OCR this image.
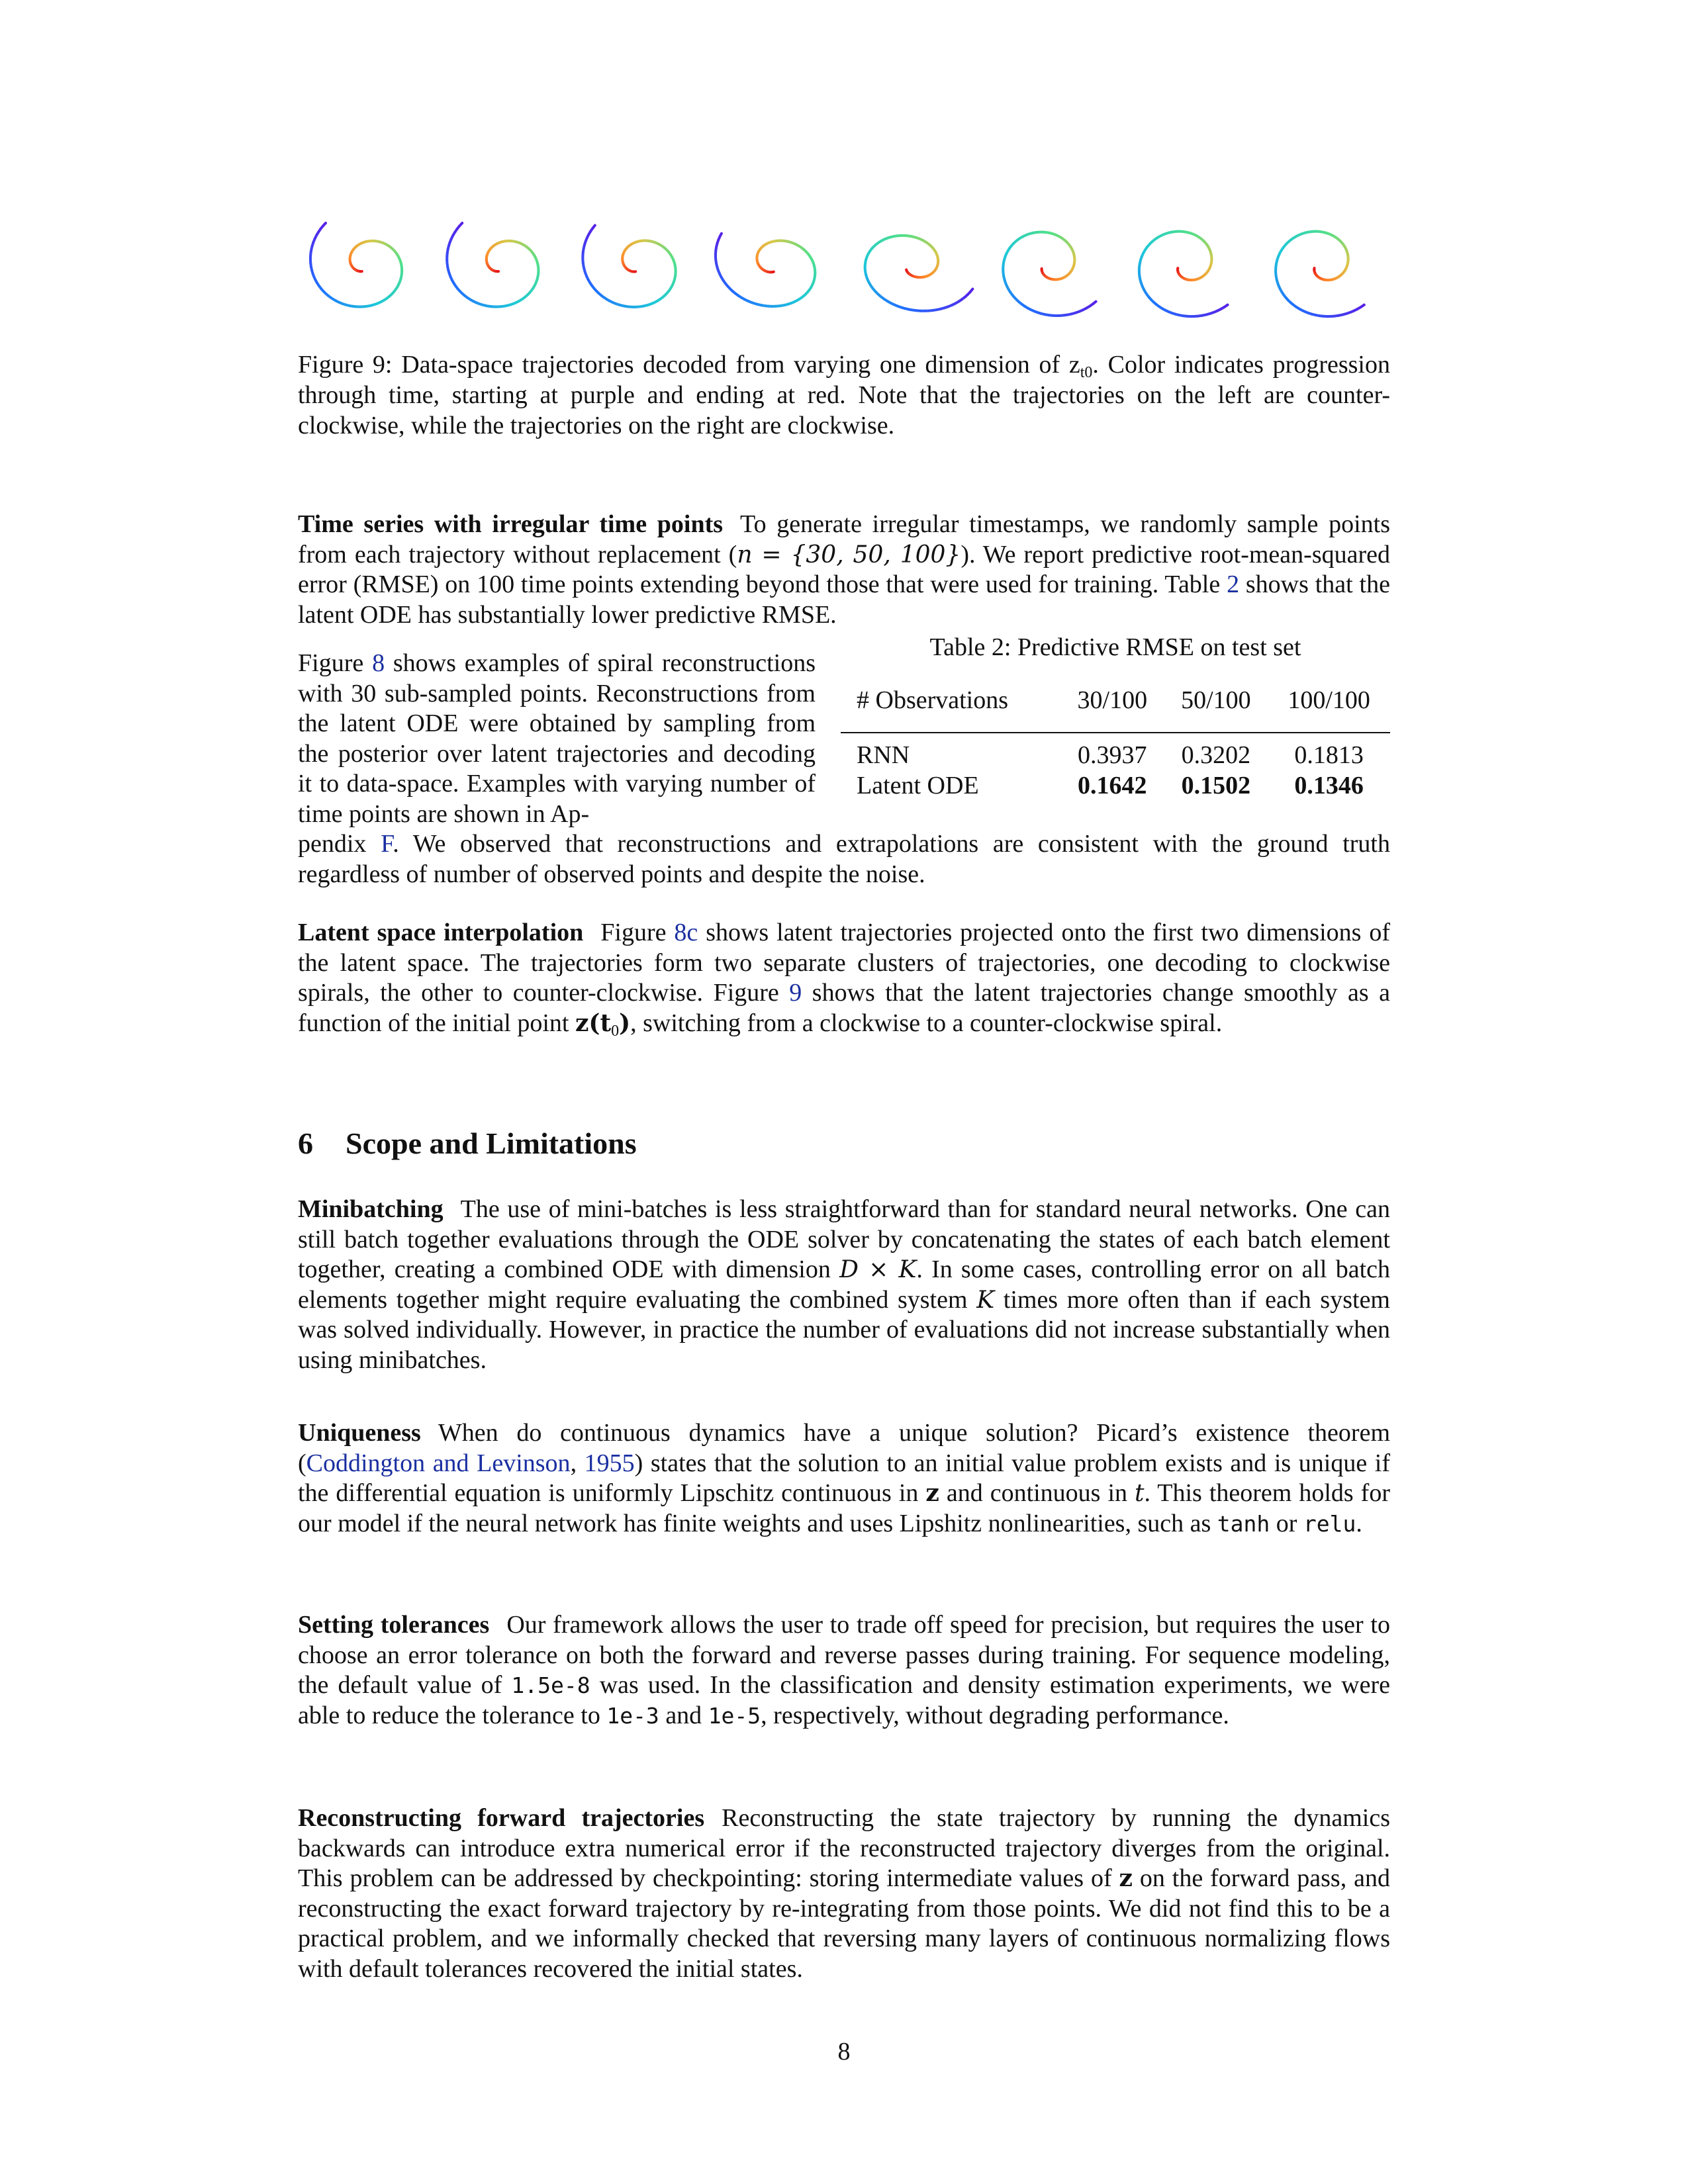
Figure 9: Data-space trajectories decoded from varying one dimension of $z_{t0}$. Color indicates progression through time, starting at purple and ending at red. Note that the trajectories on the left are counter-clockwise, while the trajectories on the right are clockwise.
Time series with irregular time points To generate irregular timestamps, we randomly sample points from each trajectory without replacement (n = {30, 50, 100}). We report predictive root-mean-squared error (RMSE) on 100 time points extending beyond those that were used for training. Table 2 shows that the latent ODE has substantially lower predictive RMSE.
Figure 8 shows examples of spiral reconstructions with 30 sub-sampled points. Reconstructions from the latent ODE were obtained by sampling from the posterior over latent trajectories and decoding it to data-space. Examples with varying number of time points are shown in Ap-
pendix F. We observed that reconstructions and extrapolations are consistent with the ground truth regardless of number of observed points and despite the noise.
Table 2: Predictive RMSE on test set
# Observations	30/100	50/100	100/100
RNN	0.3937	0.3202	0.1813
Latent ODE	0.1642	0.1502	0.1346
Latent space interpolation Figure 8c shows latent trajectories projected onto the first two dimensions of the latent space. The trajectories form two separate clusters of trajectories, one decoding to clockwise spirals, the other to counter-clockwise. Figure 9 shows that the latent trajectories change smoothly as a function of the initial point $z(t_0)$, switching from a clockwise to a counter-clockwise spiral.
6 Scope and Limitations
Minibatching The use of mini-batches is less straightforward than for standard neural networks. One can still batch together evaluations through the ODE solver by concatenating the states of each batch element together, creating a combined ODE with dimension D × K. In some cases, controlling error on all batch elements together might require evaluating the combined system K times more often than if each system was solved individually. However, in practice the number of evaluations did not increase substantially when using minibatches.
Uniqueness When do continuous dynamics have a unique solution? Picard’s existence theorem (Coddington and Levinson, 1955) states that the solution to an initial value problem exists and is unique if the differential equation is uniformly Lipschitz continuous in z and continuous in t. This theorem holds for our model if the neural network has finite weights and uses Lipshitz nonlinearities, such as tanh or relu.
Setting tolerances Our framework allows the user to trade off speed for precision, but requires the user to choose an error tolerance on both the forward and reverse passes during training. For sequence modeling, the default value of 1.5e-8 was used. In the classification and density estimation experiments, we were able to reduce the tolerance to 1e-3 and 1e-5, respectively, without degrading performance.
Reconstructing forward trajectories Reconstructing the state trajectory by running the dynamics backwards can introduce extra numerical error if the reconstructed trajectory diverges from the original. This problem can be addressed by checkpointing: storing intermediate values of z on the forward pass, and reconstructing the exact forward trajectory by re-integrating from those points. We did not find this to be a practical problem, and we informally checked that reversing many layers of continuous normalizing flows with default tolerances recovered the initial states.
8
